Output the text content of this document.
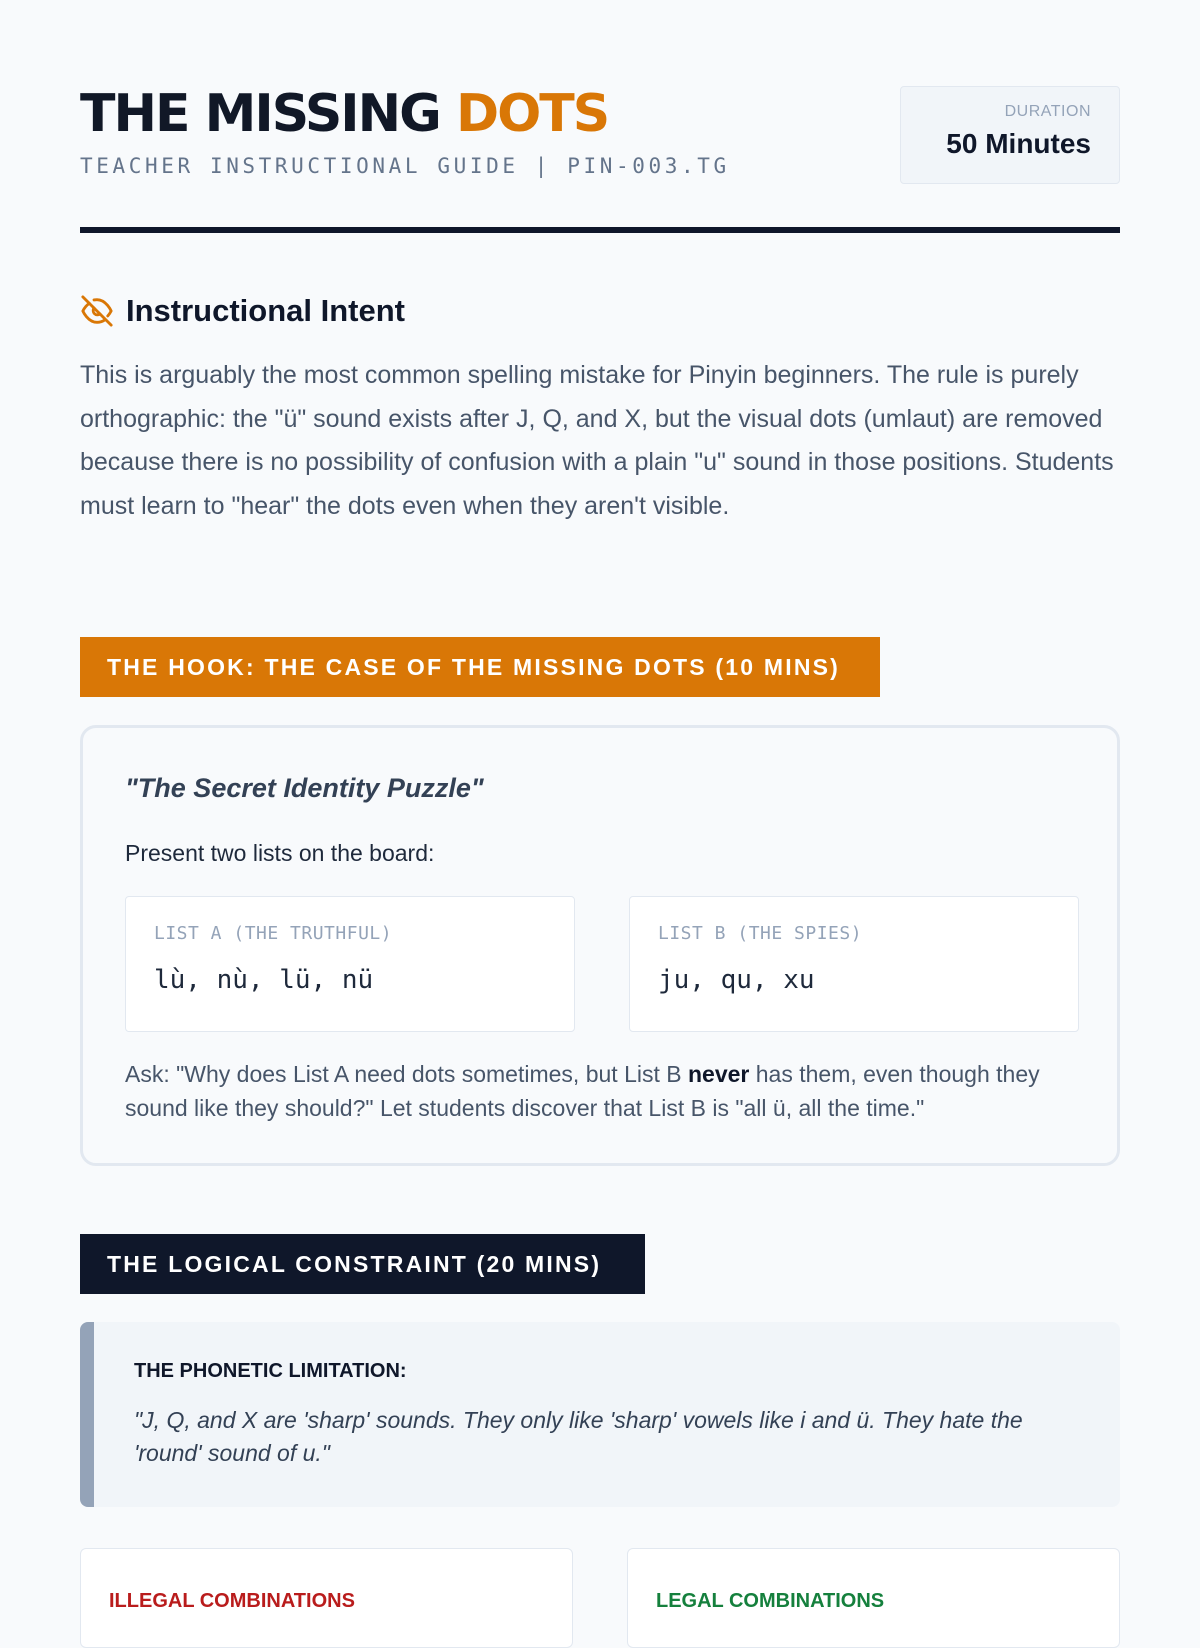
THE MISSING DOTS
TEACHER INSTRUCTIONAL GUIDE | PIN-003.TG
DURATION
50 Minutes
Instructional Intent

This is arguably the most common spelling mistake for Pinyin beginners. The rule is purely orthographic: the "ü" sound exists after J, Q, and X, but the visual dots (umlaut) are removed because there is no possibility of confusion with a plain "u" sound in those positions. Students must learn to "hear" the dots even when they aren't visible.

THE HOOK: THE CASE OF THE MISSING DOTS (10 MINS)
"The Secret Identity Puzzle"
Present two lists on the board:
LIST A (THE TRUTHFUL)
lù, nù, lü, nü
LIST B (THE SPIES)
ju, qu, xu

Ask: "Why does List A need dots sometimes, but List B never has them, even though they sound like they should?" Let students discover that List B is "all ü, all the time."

THE LOGICAL CONSTRAINT (20 MINS)
THE PHONETIC LIMITATION:

"J, Q, and X are 'sharp' sounds. They only like 'sharp' vowels like i and ü. They hate the 'round' sound of u."

ILLEGAL COMBINATIONS	LEGAL COMBINATIONS
